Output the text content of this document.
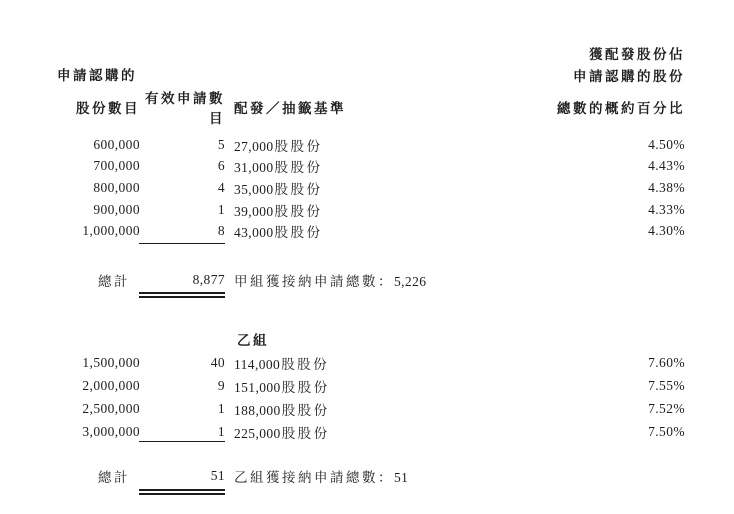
獲配發股份佔
申請認購的股份
申請認購的
股份數目
有效申請數目
配發／抽籤基準	總數的概約百分比
600,000	5 27,000股股份	4.50%
700,000	6 31,000股股份	4.43%
800,000	4 35,000股股份	4.38%
900,000	1 39,000股股份	4.33%
1,000,000	8 43,000股股份	4.30%
總計	8,877 甲組獲接納申請總數：5,226
乙組
1,500,000	40 114,000股股份	7.60%
2,000,000	9 151,000股股份	7.55%
2,500,000	1 188,000股股份	7.52%
3,000,000	1 225,000股股份	7.50%
總計	51 乙組獲接納申請總數：51
